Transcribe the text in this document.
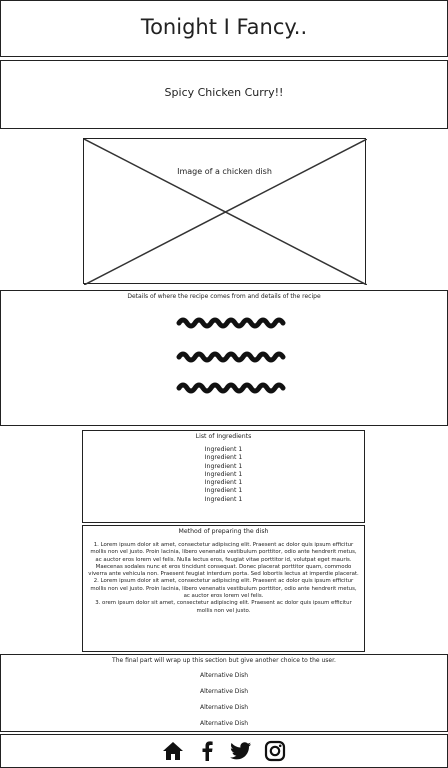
Tonight I Fancy..
Spicy Chicken Curry!!
Image of a chicken dish
Details of where the recipe comes from and details of the recipe
List of Ingredients
Ingredient 1
Ingredient 1
Ingredient 1
Ingredient 1
Ingredient 1
Ingredient 1
Ingredient 1
Method of preparing the dish
1. Lorem ipsum dolor sit amet, consectetur adipiscing elit. Praesent ac dolor quis ipsum efficitur mollis non vel justo. Proin lacinia, libero venenatis vestibulum porttitor, odio ante hendrerit metus, ac auctor eros lorem vel felis. Nulla lectus eros, feugiat vitae porttitor id, volutpat eget mauris. Maecenas sodales nunc et eros tincidunt consequat. Donec placerat porttitor quam, commodo viverra ante vehicula non. Praesent feugiat interdum porta. Sed lobortis lectus at imperdie placerat.
2. Lorem ipsum dolor sit amet, consectetur adipiscing elit. Praesent ac dolor quis ipsum efficitur mollis non vel justo. Proin lacinia, libero venenatis vestibulum porttitor, odio ante hendrerit metus, ac auctor eros lorem vel felis.
3. orem ipsum dolor sit amet, consectetur adipiscing elit. Praesent ac dolor quis ipsum efficitur mollis non vel justo.
The final part will wrap up this section but give another choice to the user.
Alternative Dish
Alternative Dish
Alternative Dish
Alternative Dish
